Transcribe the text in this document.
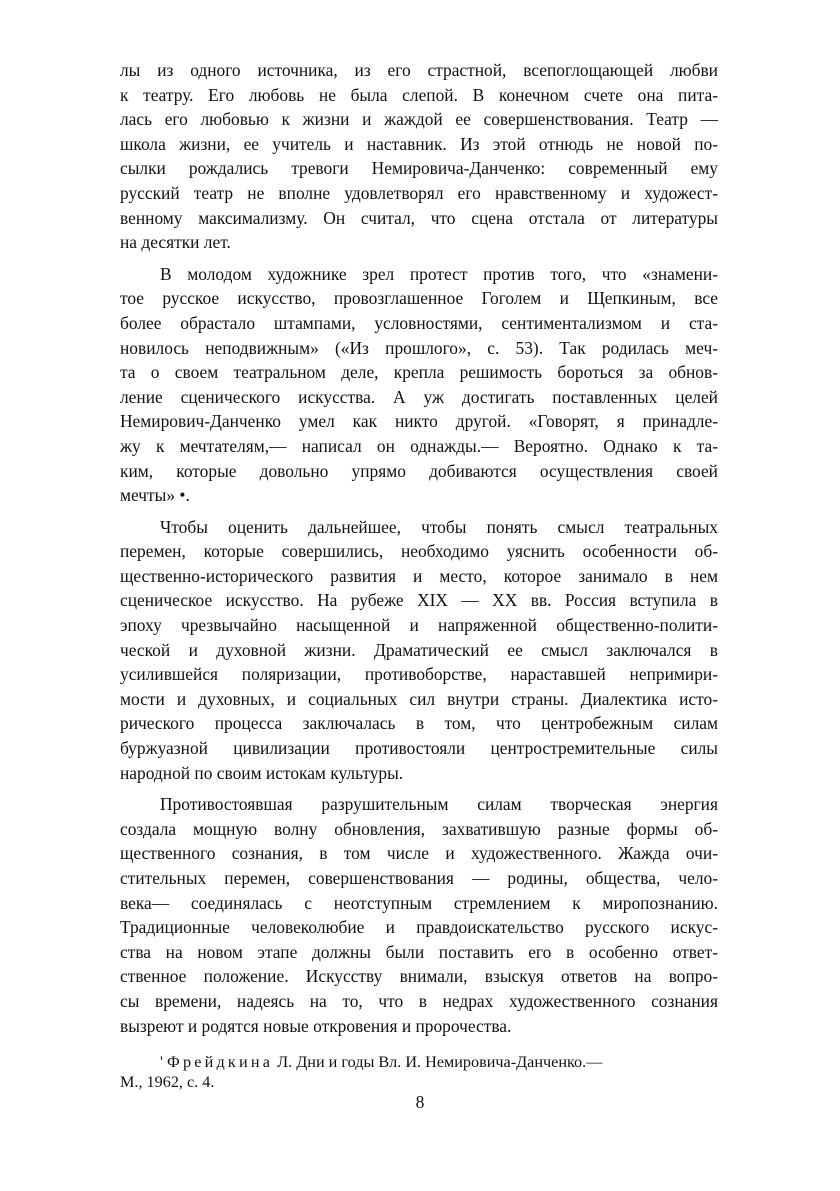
лы из одного источника, из его страстной, всепоглощающей любви
к театру. Его любовь не была слепой. В конечном счете она пита-
лась его любовью к жизни и жаждой ее совершенствования. Театр —
школа жизни, ее учитель и наставник. Из этой отнюдь не новой по-
сылки рождались тревоги Немировича-Данченко: современный ему
русский театр не вполне удовлетворял его нравственному и художест-
венному максимализму. Он считал, что сцена отстала от литературы
на десятки лет.
В молодом художнике зрел протест против того, что «знамени-
тое русское искусство, провозглашенное Гоголем и Щепкиным, все
более обрастало штампами, условностями, сентиментализмом и ста-
новилось неподвижным» («Из прошлого», с. 53). Так родилась меч-
та о своем театральном деле, крепла решимость бороться за обнов-
ление сценического искусства. А уж достигать поставленных целей
Немирович-Данченко умел как никто другой. «Говорят, я принадле-
жу к мечтателям,— написал он однажды.— Вероятно. Однако к та-
ким, которые довольно упрямо добиваются осуществления своей
мечты» •.
Чтобы оценить дальнейшее, чтобы понять смысл театральных
перемен, которые совершились, необходимо уяснить особенности об-
щественно-исторического развития и место, которое занимало в нем
сценическое искусство. На рубеже XIX — XX вв. Россия вступила в
эпоху чрезвычайно насыщенной и напряженной общественно-полити-
ческой и духовной жизни. Драматический ее смысл заключался в
усилившейся поляризации, противоборстве, нараставшей непримири-
мости и духовных, и социальных сил внутри страны. Диалектика исто-
рического процесса заключалась в том, что центробежным силам
буржуазной цивилизации противостояли центростремительные силы
народной по своим истокам культуры.
Противостоявшая разрушительным силам творческая энергия
создала мощную волну обновления, захватившую разные формы об-
щественного сознания, в том числе и художественного. Жажда очи-
стительных перемен, совершенствования — родины, общества, чело-
века— соединялась с неотступным стремлением к миропознанию.
Традиционные человеколюбие и правдоискательство русского искус-
ства на новом этапе должны были поставить его в особенно ответ-
ственное положение. Искусству внимали, взыскуя ответов на вопро-
сы времени, надеясь на то, что в недрах художественного сознания
вызреют и родятся новые откровения и пророчества.
' Фрейдкина Л. Дни и годы Вл. И. Немировича-Данченко.—
М., 1962, с. 4.
8
